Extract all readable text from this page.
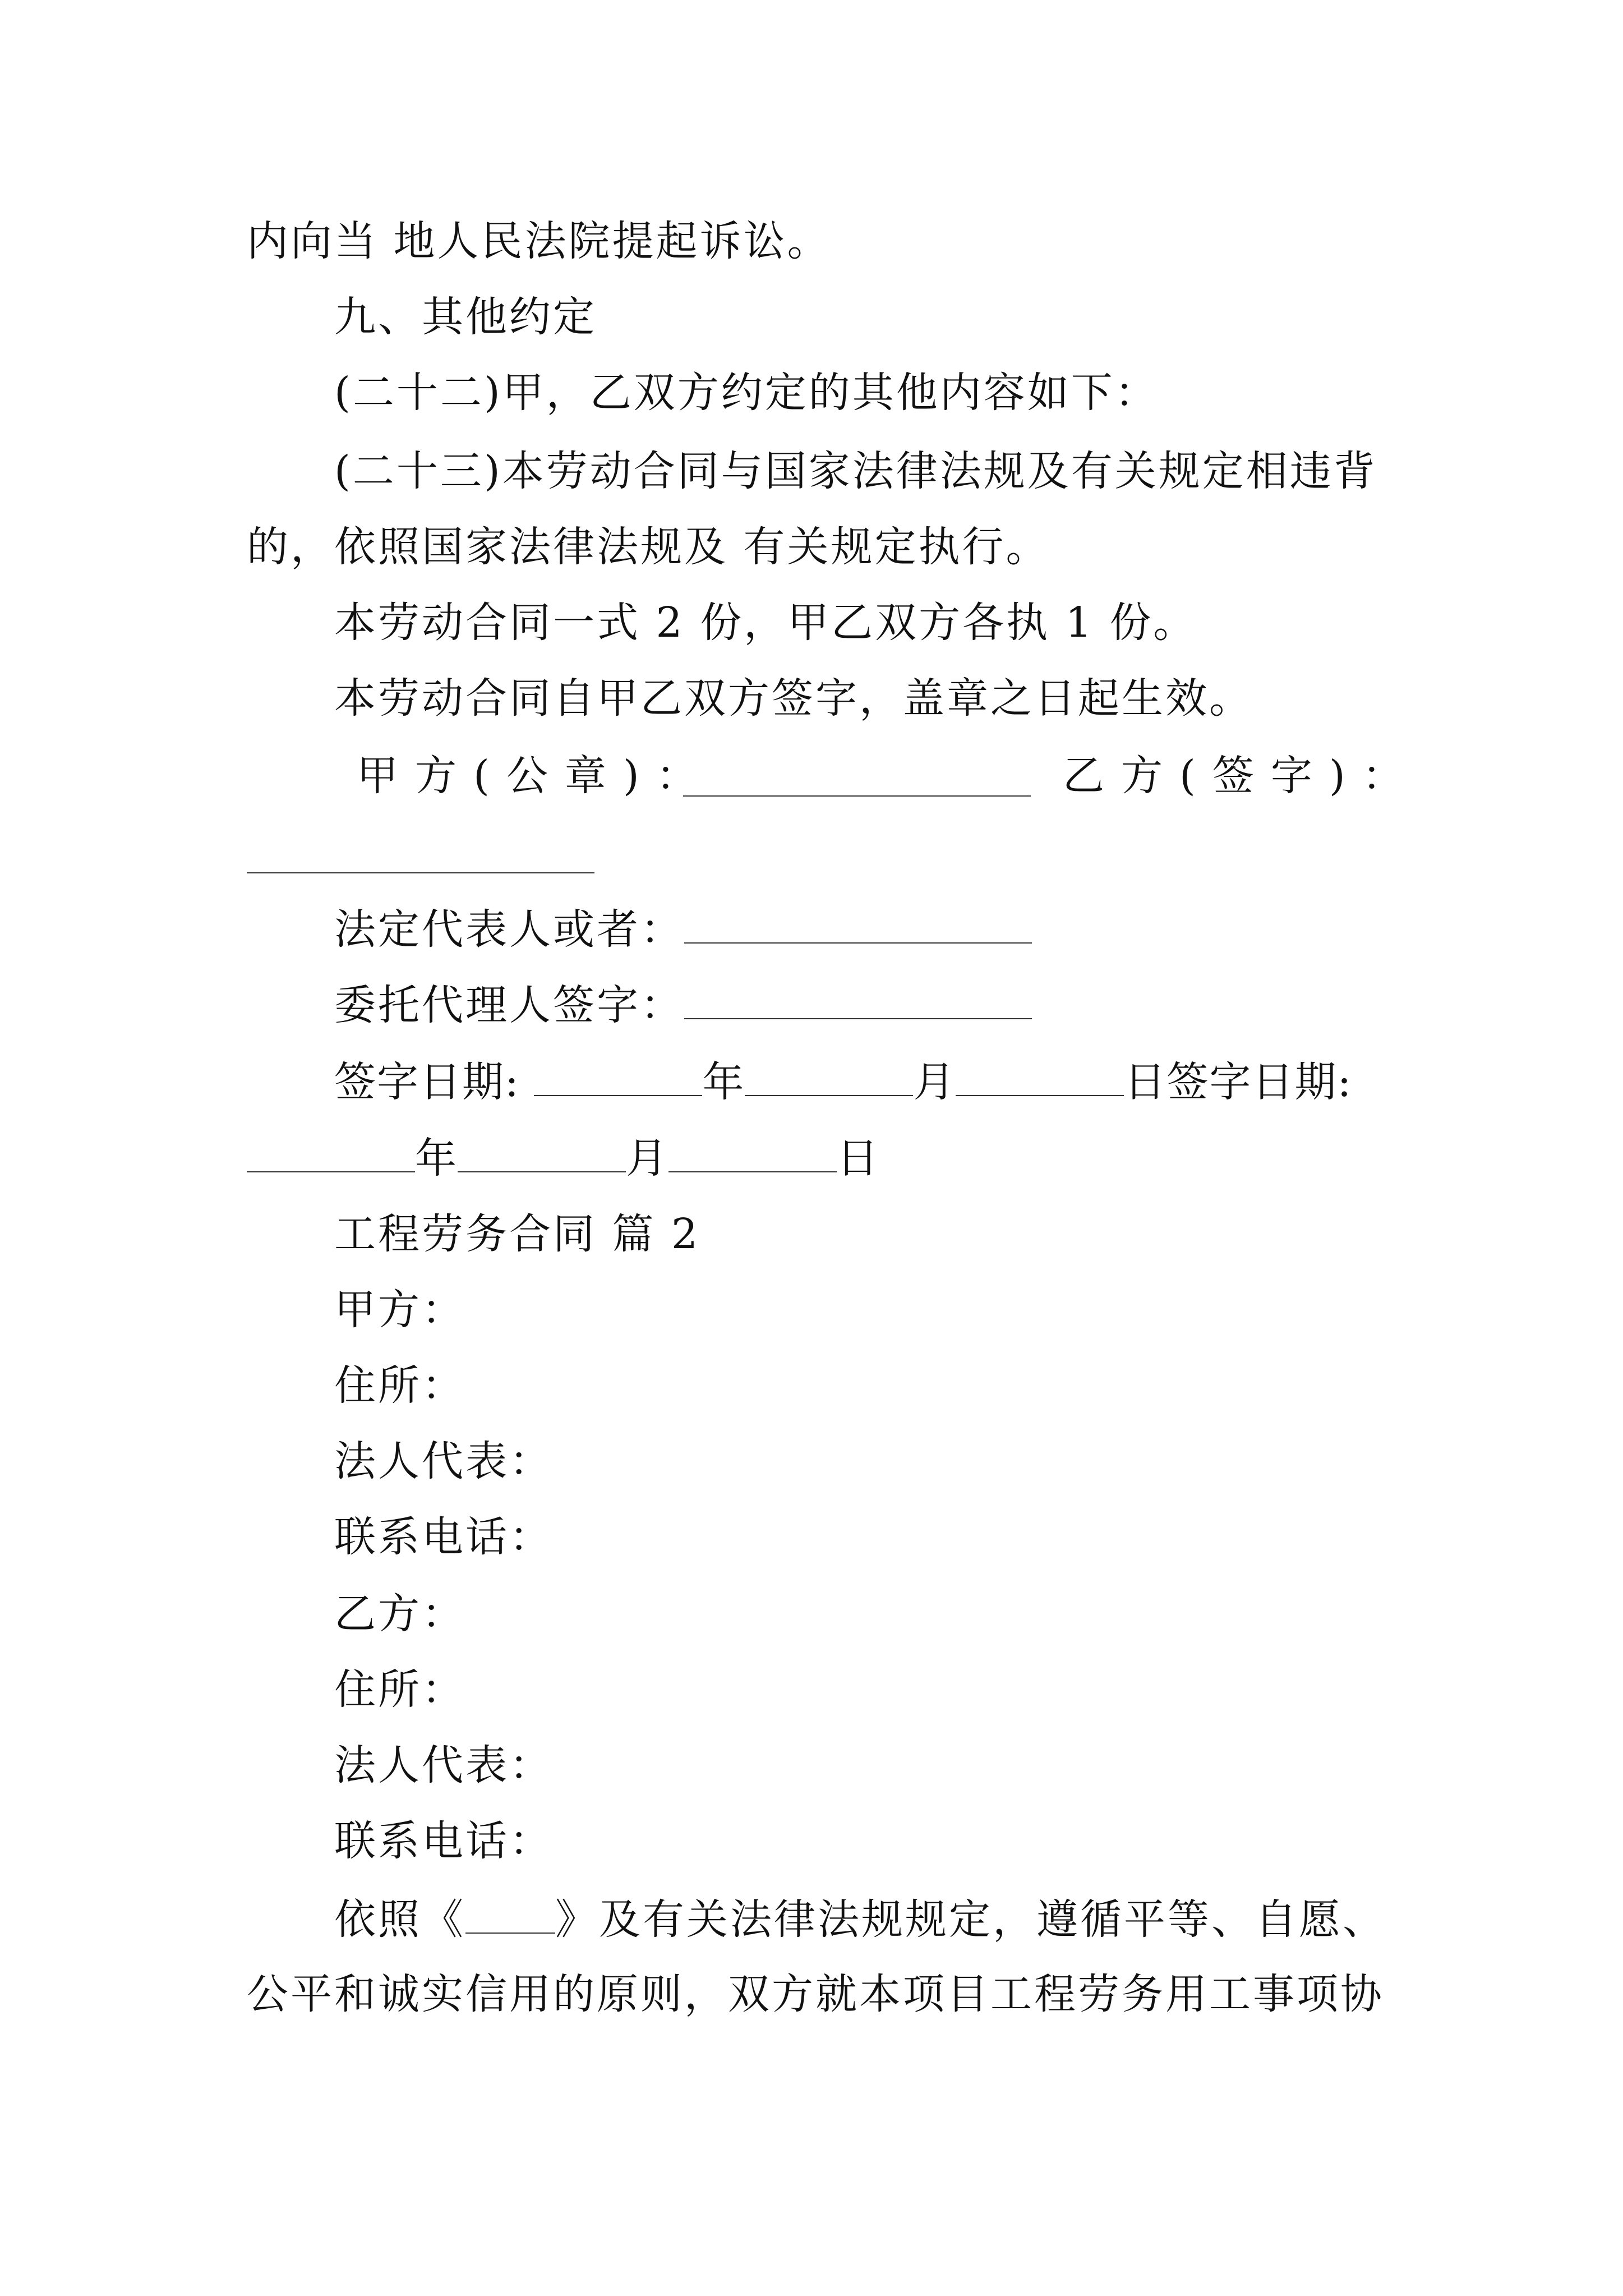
内向当 地人民法院提起诉讼。
九、其他约定
(二十二)甲，乙双方约定的其他内容如下：
(二十三)本劳动合同与国家法律法规及有关规定相违背
的，依照国家法律法规及 有关规定执行。
本劳动合同一式 2 份，甲乙双方各执 1 份。
本劳动合同自甲乙双方签字，盖章之日起生效。
甲方(公章)：	乙方(签字)：
法定代表人或者：
委托代理人签字：
签字日期:	年	月	日签字日期:
年	月	日
工程劳务合同 篇 2
甲方：
住所：
法人代表：
联系电话：
乙方：
住所：
法人代表：
联系电话：
依照《 》及有关法律法规规定，遵循平等、自愿、
公平和诚实信用的原则，双方就本项目工程劳务用工事项协
